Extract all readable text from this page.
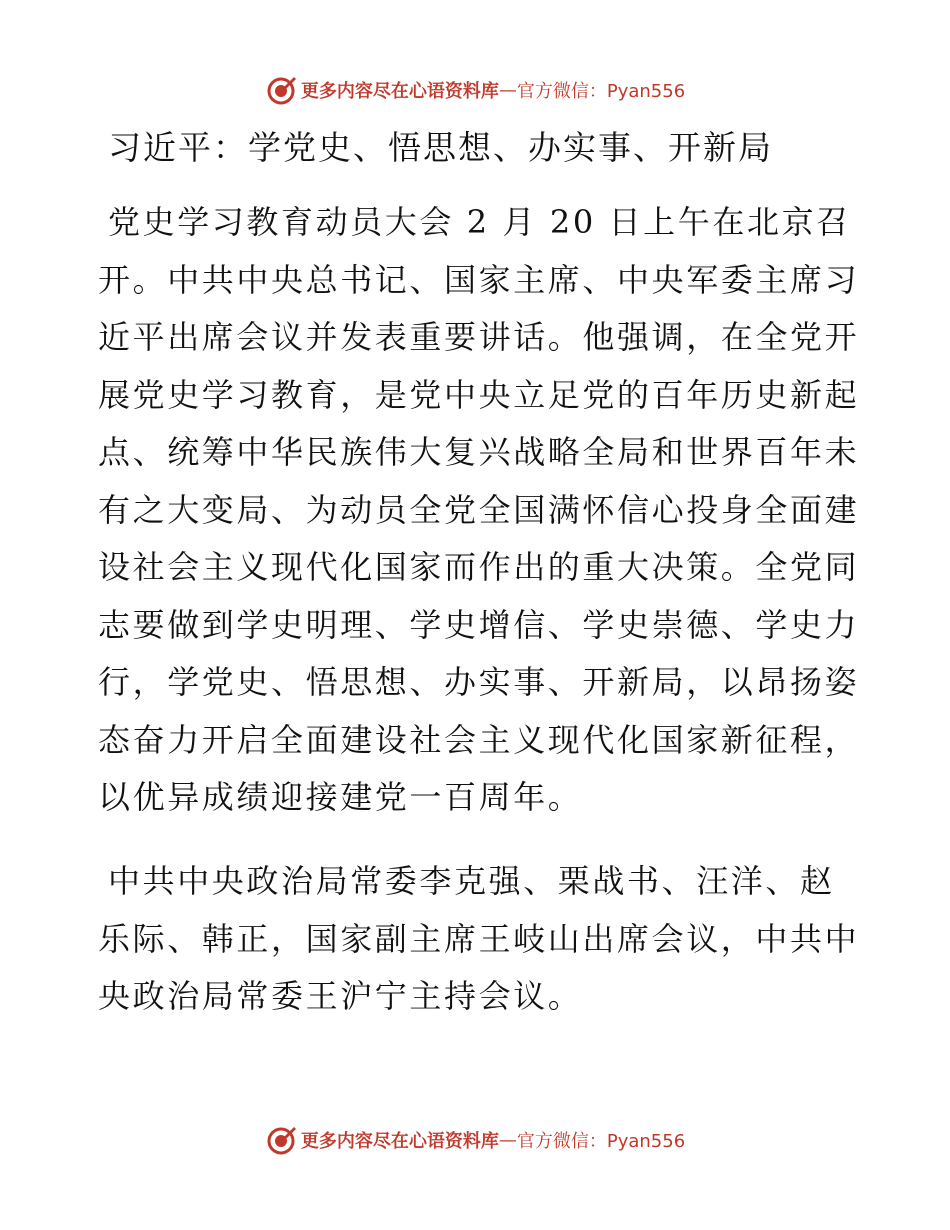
更多内容尽在心语资料库 — 官方微信：Pyan556
习近平：学党史、悟思想、办实事、开新局
党史学习教育动员大会 2 月 20 日上午在北京召
开。中共中央总书记、国家主席、中央军委主席习
近平出席会议并发表重要讲话。他强调，在全党开
展党史学习教育，是党中央立足党的百年历史新起
点、统筹中华民族伟大复兴战略全局和世界百年未
有之大变局、为动员全党全国满怀信心投身全面建
设社会主义现代化国家而作出的重大决策。全党同
志要做到学史明理、学史增信、学史崇德、学史力
行，学党史、悟思想、办实事、开新局，以昂扬姿
态奋力开启全面建设社会主义现代化国家新征程，
以优异成绩迎接建党一百周年。
中共中央政治局常委李克强、栗战书、汪洋、赵
乐际、韩正，国家副主席王岐山出席会议，中共中
央政治局常委王沪宁主持会议。
更多内容尽在心语资料库 — 官方微信：Pyan556
